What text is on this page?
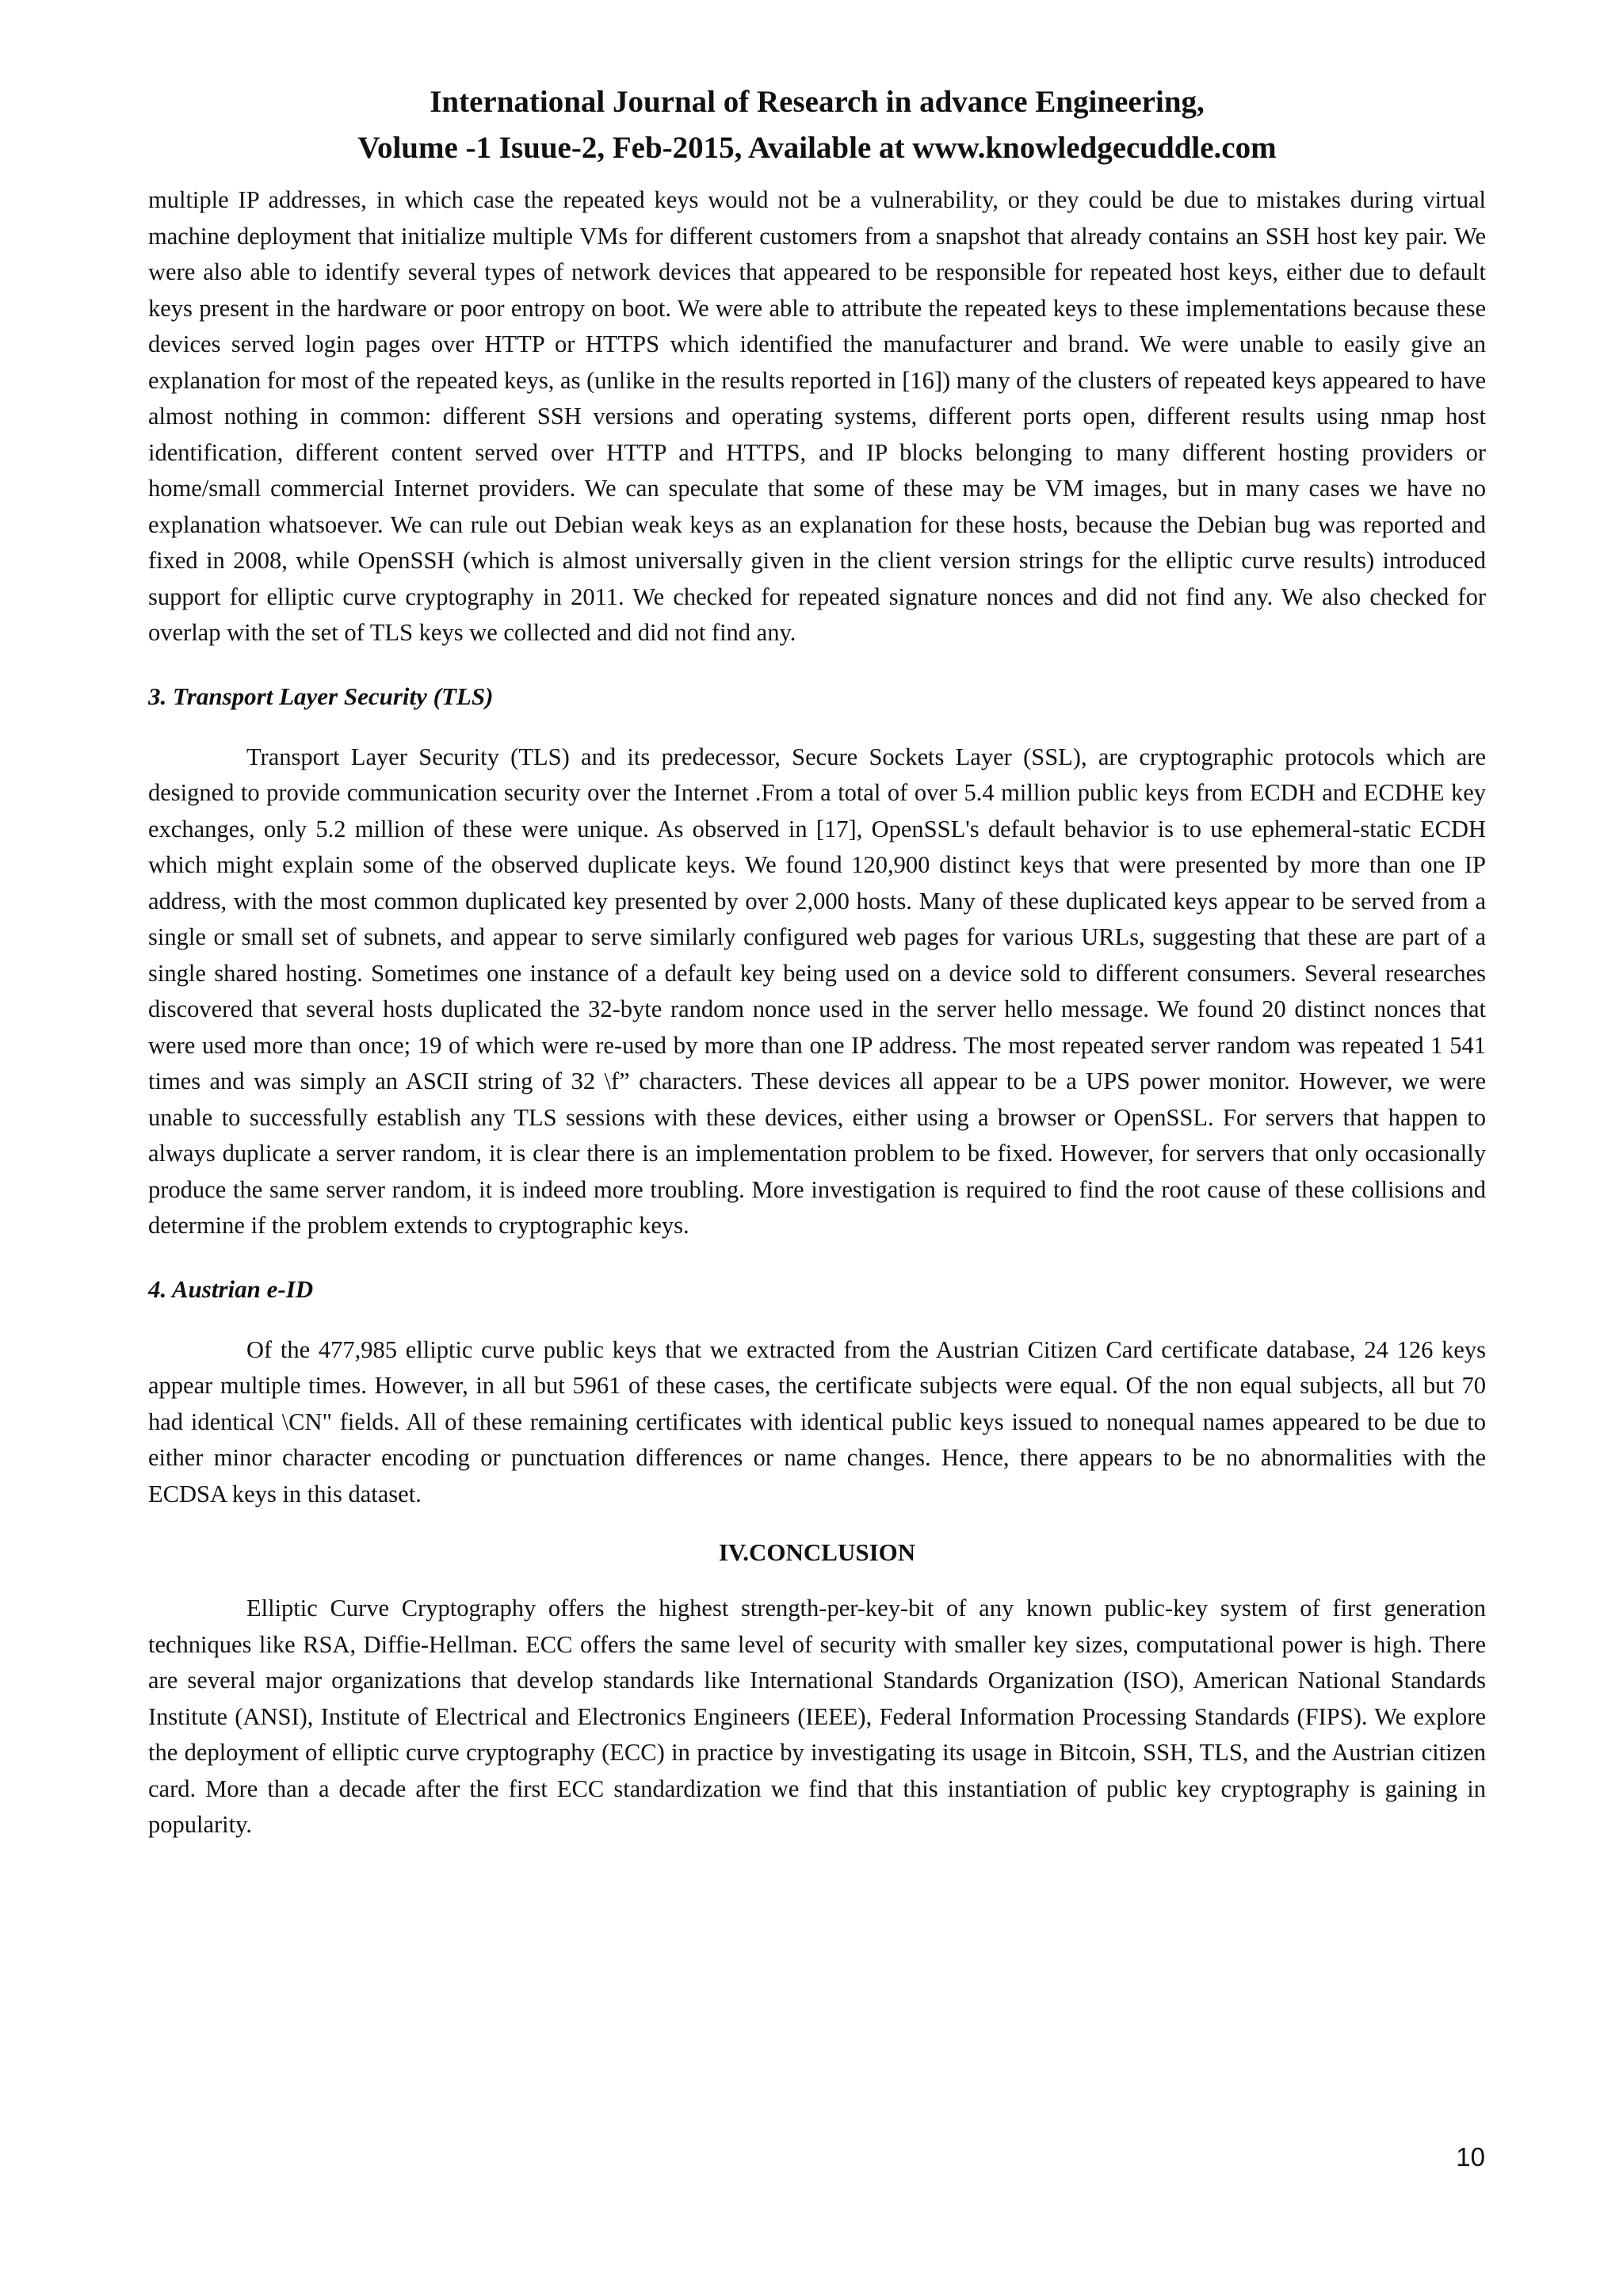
International Journal of Research in advance Engineering,
Volume -1 Isuue-2, Feb-2015, Available at www.knowledgecuddle.com

multiple IP addresses, in which case the repeated keys would not be a vulnerability, or they could be due to mistakes during virtual machine deployment that initialize multiple VMs for different customers from a snapshot that already contains an SSH host key pair. We were also able to identify several types of network devices that appeared to be responsible for repeated host keys, either due to default keys present in the hardware or poor entropy on boot. We were able to attribute the repeated keys to these implementations because these devices served login pages over HTTP or HTTPS which identified the manufacturer and brand. We were unable to easily give an explanation for most of the repeated keys, as (unlike in the results reported in [16]) many of the clusters of repeated keys appeared to have almost nothing in common: different SSH versions and operating systems, different ports open, different results using nmap host identification, different content served over HTTP and HTTPS, and IP blocks belonging to many different hosting providers or home/small commercial Internet providers. We can speculate that some of these may be VM images, but in many cases we have no explanation whatsoever. We can rule out Debian weak keys as an explanation for these hosts, because the Debian bug was reported and fixed in 2008, while OpenSSH (which is almost universally given in the client version strings for the elliptic curve results) introduced support for elliptic curve cryptography in 2011. We checked for repeated signature nonces and did not find any. We also checked for overlap with the set of TLS keys we collected and did not find any.

3. Transport Layer Security (TLS)

Transport Layer Security (TLS) and its predecessor, Secure Sockets Layer (SSL), are cryptographic protocols which are designed to provide communication security over the Internet .From a total of over 5.4 million public keys from ECDH and ECDHE key exchanges, only 5.2 million of these were unique. As observed in [17], OpenSSL's default behavior is to use ephemeral-static ECDH which might explain some of the observed duplicate keys. We found 120,900 distinct keys that were presented by more than one IP address, with the most common duplicated key presented by over 2,000 hosts. Many of these duplicated keys appear to be served from a single or small set of subnets, and appear to serve similarly configured web pages for various URLs, suggesting that these are part of a single shared hosting. Sometimes one instance of a default key being used on a device sold to different consumers. Several researches discovered that several hosts duplicated the 32-byte random nonce used in the server hello message. We found 20 distinct nonces that were used more than once; 19 of which were re-used by more than one IP address. The most repeated server random was repeated 1 541 times and was simply an ASCII string of 32 \f” characters. These devices all appear to be a UPS power monitor. However, we were unable to successfully establish any TLS sessions with these devices, either using a browser or OpenSSL. For servers that happen to always duplicate a server random, it is clear there is an implementation problem to be fixed. However, for servers that only occasionally produce the same server random, it is indeed more troubling. More investigation is required to find the root cause of these collisions and determine if the problem extends to cryptographic keys.

4. Austrian e-ID

Of the 477,985 elliptic curve public keys that we extracted from the Austrian Citizen Card certificate database, 24 126 keys appear multiple times. However, in all but 5961 of these cases, the certificate subjects were equal. Of the non equal subjects, all but 70 had identical \CN" fields. All of these remaining certificates with identical public keys issued to nonequal names appeared to be due to either minor character encoding or punctuation differences or name changes. Hence, there appears to be no abnormalities with the ECDSA keys in this dataset.

IV.CONCLUSION

Elliptic Curve Cryptography offers the highest strength-per-key-bit of any known public-key system of first generation techniques like RSA, Diffie-Hellman. ECC offers the same level of security with smaller key sizes, computational power is high. There are several major organizations that develop standards like International Standards Organization (ISO), American National Standards Institute (ANSI), Institute of Electrical and Electronics Engineers (IEEE), Federal Information Processing Standards (FIPS). We explore the deployment of elliptic curve cryptography (ECC) in practice by investigating its usage in Bitcoin, SSH, TLS, and the Austrian citizen card. More than a decade after the first ECC standardization we find that this instantiation of public key cryptography is gaining in popularity.

10
